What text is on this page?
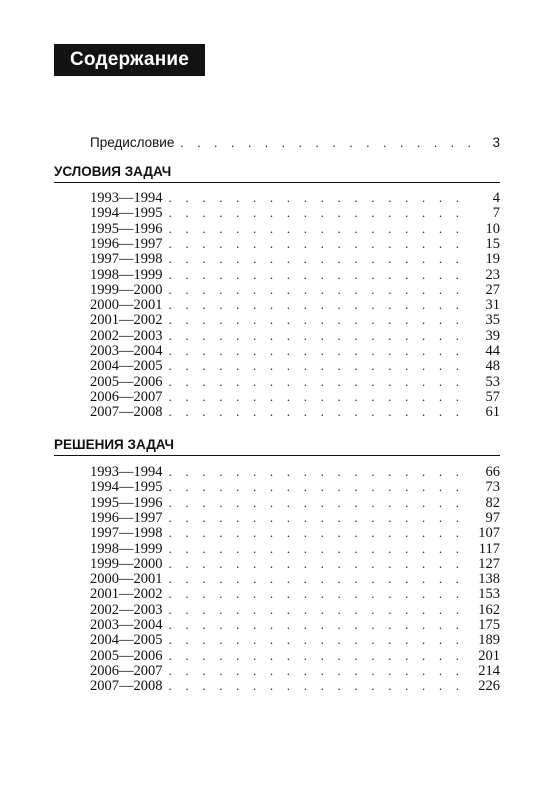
Содержание
Предисловие . . .	3
УСЛОВИЯ ЗАДАЧ
1993—1994 . . .	4
1994—1995 . . .	7
1995—1996 . . .	10
1996—1997 . . .	15
1997—1998 . . .	19
1998—1999 . . .	23
1999—2000 . . .	27
2000—2001 . . .	31
2001—2002 . . .	35
2002—2003 . . .	39
2003—2004 . . .	44
2004—2005 . . .	48
2005—2006 . . .	53
2006—2007 . . .	57
2007—2008 . . .	61
РЕШЕНИЯ ЗАДАЧ
1993—1994 . . .	66
1994—1995 . . .	73
1995—1996 . . .	82
1996—1997 . . .	97
1997—1998 . . .	107
1998—1999 . . .	117
1999—2000 . . .	127
2000—2001 . . .	138
2001—2002 . . .	153
2002—2003 . . .	162
2003—2004 . . .	175
2004—2005 . . .	189
2005—2006 . . .	201
2006—2007 . . .	214
2007—2008 . . .	226
